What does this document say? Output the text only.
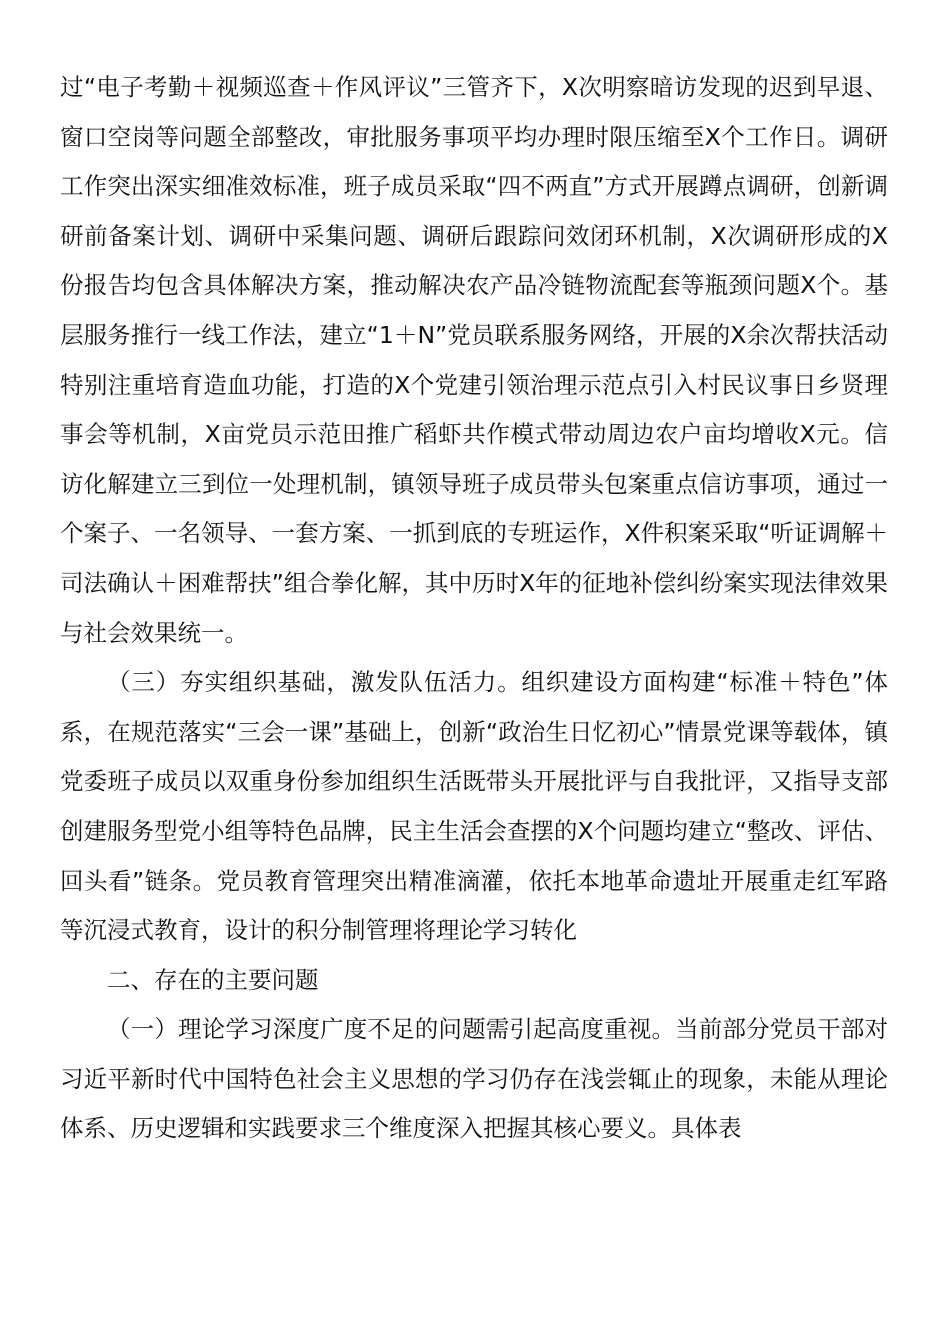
过“电子考勤＋视频巡查＋作风评议”三管齐下，X次明察暗访发现的迟到早退、窗口空岗等问题全部整改，审批服务事项平均办理时限压缩至X个工作日。调研工作突出深实细准效标准，班子成员采取“四不两直”方式开展蹲点调研，创新调研前备案计划、调研中采集问题、调研后跟踪问效闭环机制，X次调研形成的X份报告均包含具体解决方案，推动解决农产品冷链物流配套等瓶颈问题X个。基层服务推行一线工作法，建立“1＋N”党员联系服务网络，开展的X余次帮扶活动特别注重培育造血功能，打造的X个党建引领治理示范点引入村民议事日乡贤理事会等机制，X亩党员示范田推广稻虾共作模式带动周边农户亩均增收X元。信访化解建立三到位一处理机制，镇领导班子成员带头包案重点信访事项，通过一个案子、一名领导、一套方案、一抓到底的专班运作，X件积案采取“听证调解＋司法确认＋困难帮扶”组合拳化解，其中历时X年的征地补偿纠纷案实现法律效果与社会效果统一。

（三）夯实组织基础，激发队伍活力。组织建设方面构建“标准＋特色”体系，在规范落实“三会一课”基础上，创新“政治生日忆初心”情景党课等载体，镇党委班子成员以双重身份参加组织生活既带头开展批评与自我批评，又指导支部创建服务型党小组等特色品牌，民主生活会查摆的X个问题均建立“整改、评估、回头看”链条。党员教育管理突出精准滴灌，依托本地革命遗址开展重走红军路等沉浸式教育，设计的积分制管理将理论学习转化

二、存在的主要问题

（一）理论学习深度广度不足的问题需引起高度重视。当前部分党员干部对习近平新时代中国特色社会主义思想的学习仍存在浅尝辄止的现象，未能从理论体系、历史逻辑和实践要求三个维度深入把握其核心要义。具体表
